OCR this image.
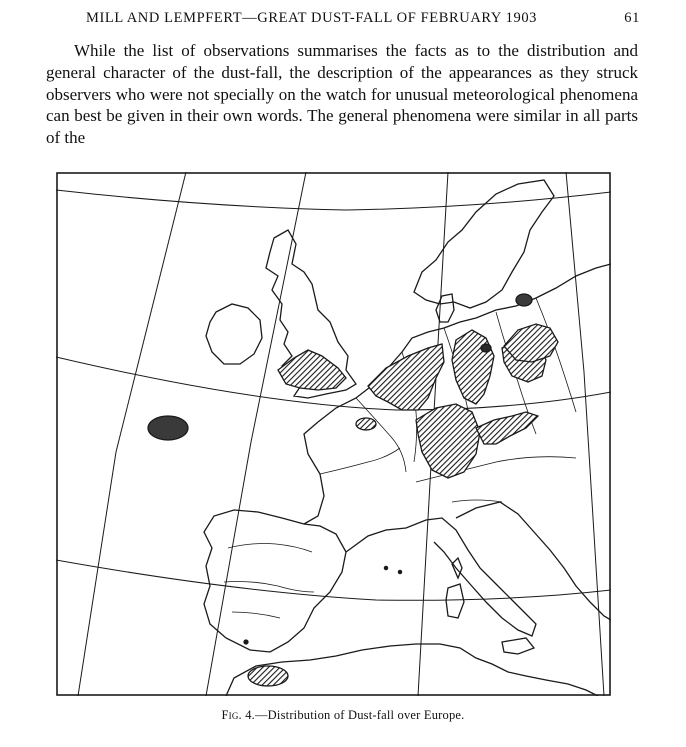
MILL AND LEMPFERT—GREAT DUST-FALL OF FEBRUARY 1903	61

While the list of observations summarises the facts as to the distribution and general character of the dust-fall, the description of the appearances as they struck observers who were not specially on the watch for unusual meteorological phenomena can best be given in their own words. The general phenomena were similar in all parts of the

Fig. 4.—Distribution of Dust-fall over Europe.
